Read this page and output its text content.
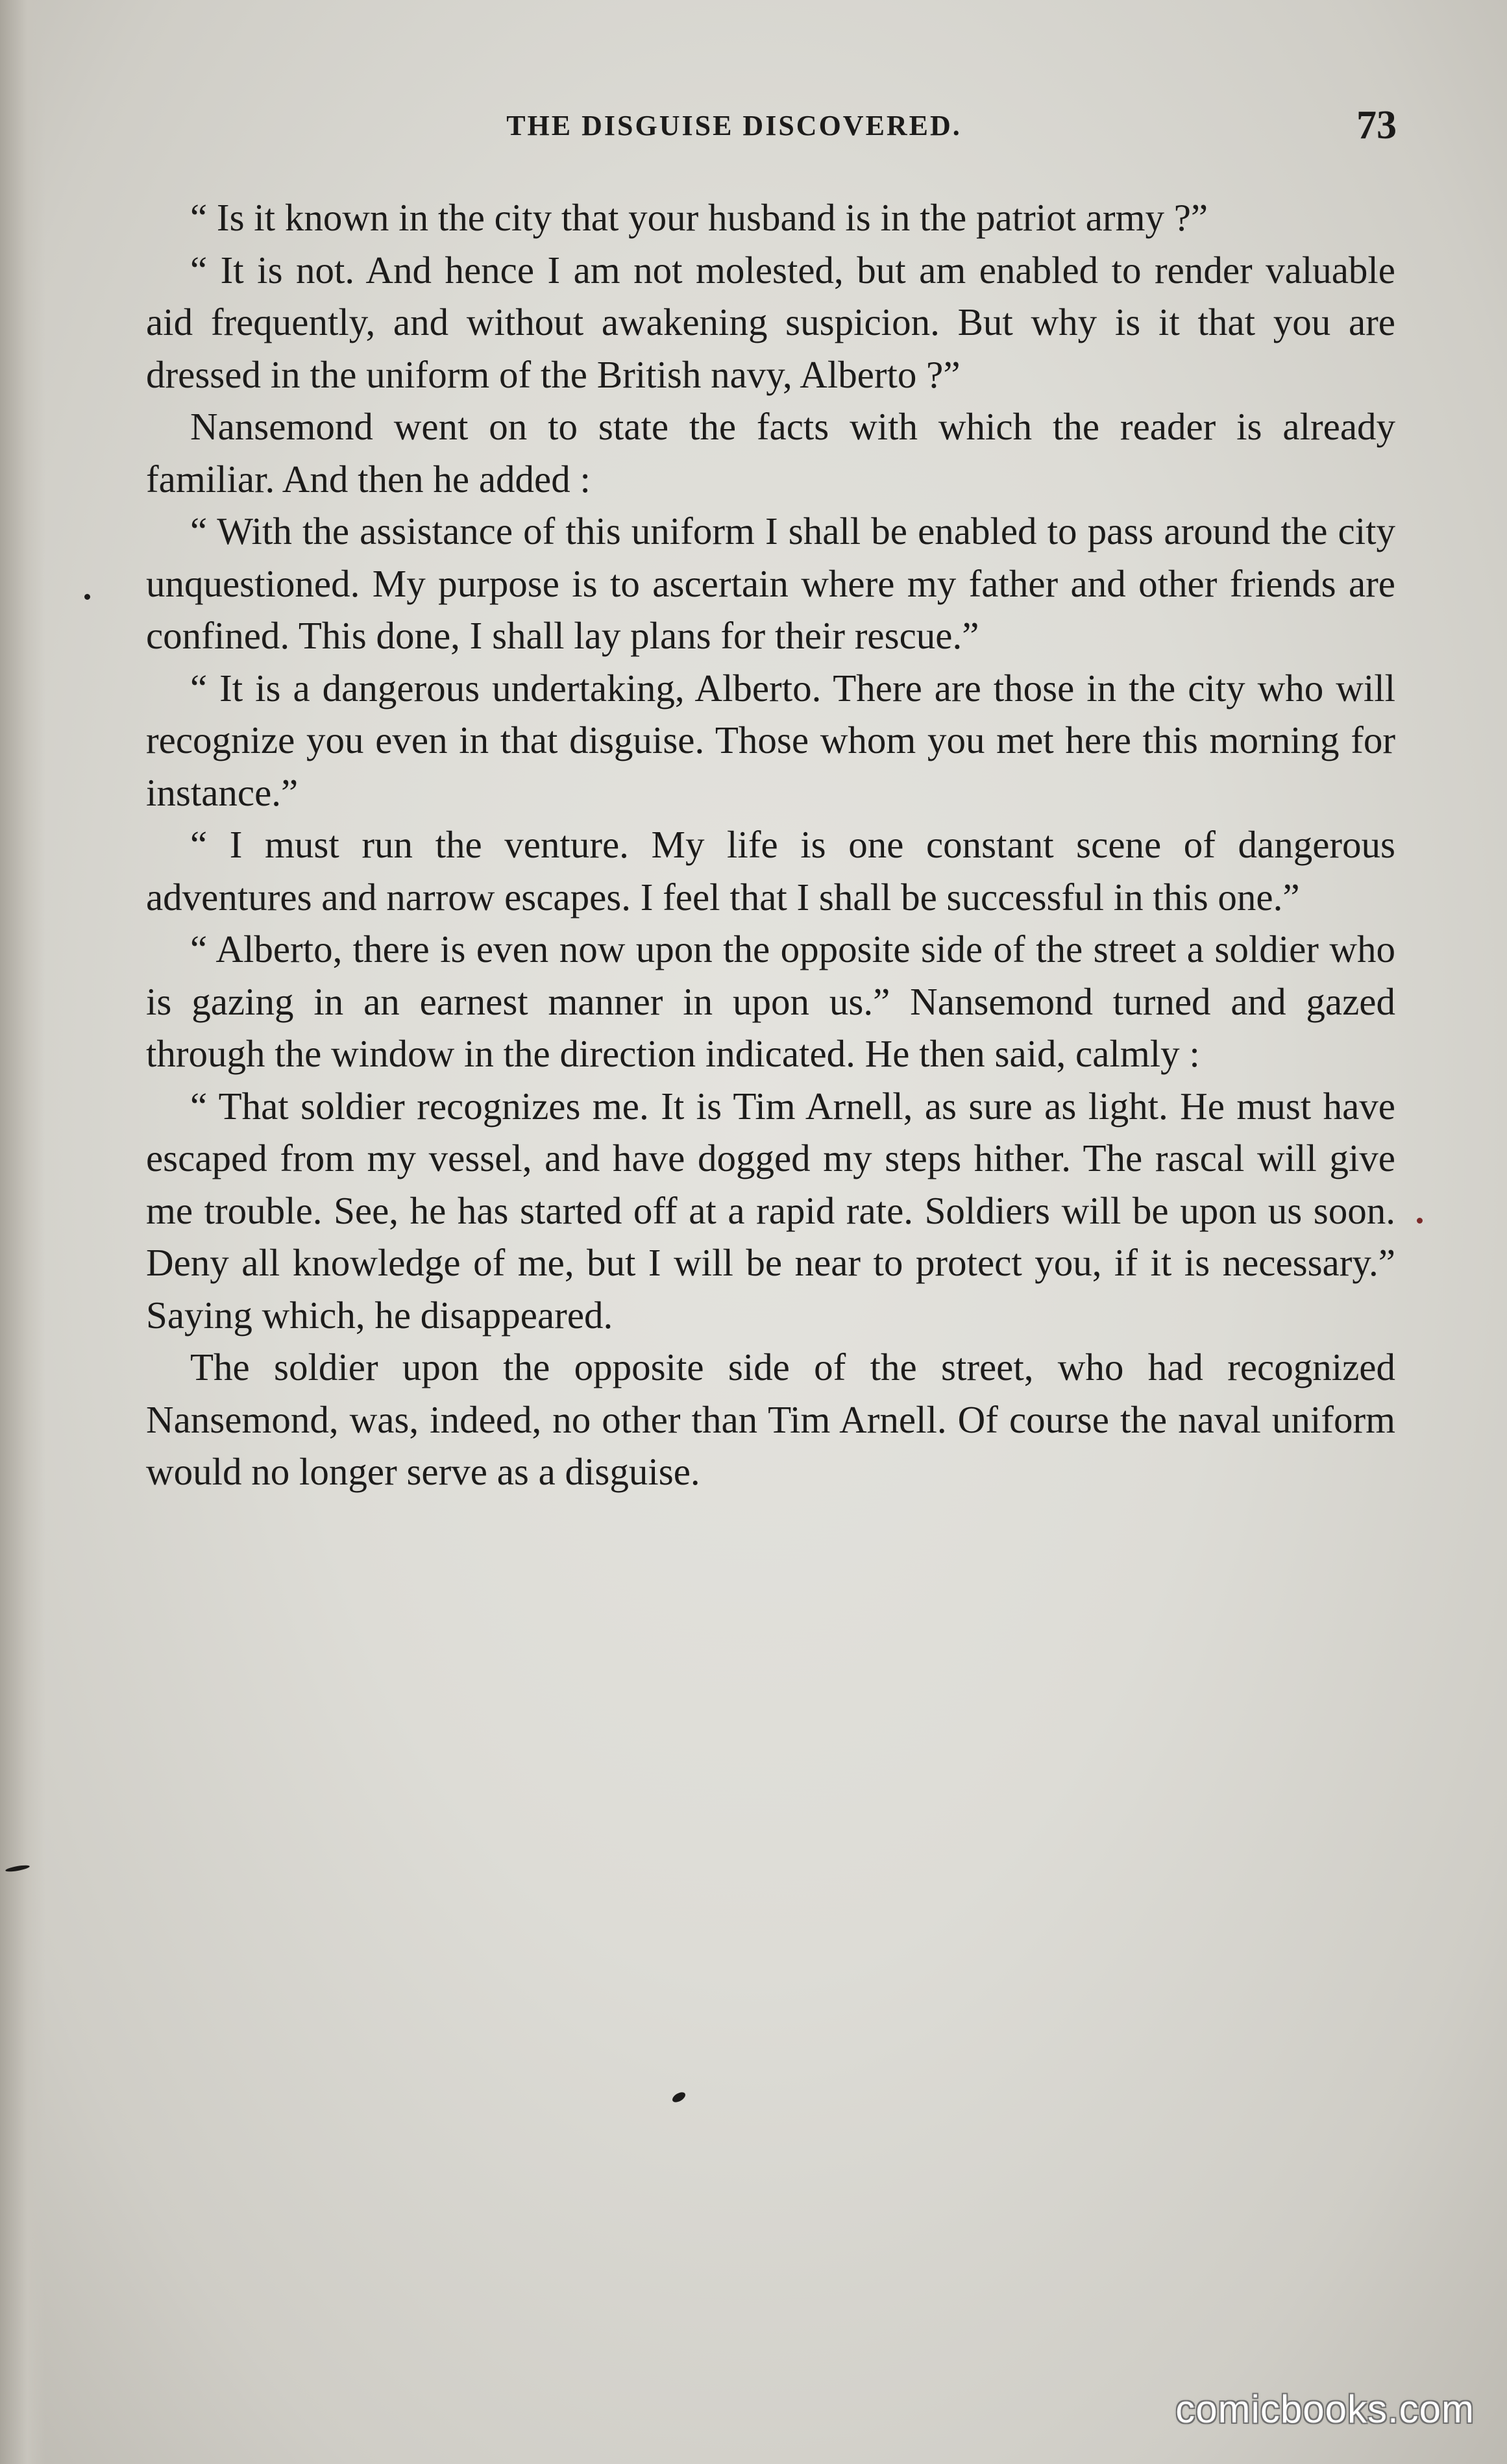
THE DISGUISE DISCOVERED.	73

“ Is it known in the city that your husband is in the patriot army ?”

“ It is not. And hence I am not molested, but am enabled to render valuable aid frequently, and without awakening suspicion. But why is it that you are dressed in the uniform of the British navy, Alberto ?”

Nansemond went on to state the facts with which the reader is already familiar. And then he added :

“ With the assistance of this uniform I shall be enabled to pass around the city unquestioned. My purpose is to ascertain where my father and other friends are confined. This done, I shall lay plans for their rescue.”

“ It is a dangerous undertaking, Alberto. There are those in the city who will recognize you even in that disguise. Those whom you met here this morning for instance.”

“ I must run the venture. My life is one constant scene of dangerous adventures and narrow escapes. I feel that I shall be successful in this one.”

“ Alberto, there is even now upon the opposite side of the street a soldier who is gazing in an earnest manner in upon us.” Nansemond turned and gazed through the window in the direction indicated. He then said, calmly :

“ That soldier recognizes me. It is Tim Arnell, as sure as light. He must have escaped from my vessel, and have dogged my steps hither. The rascal will give me trouble. See, he has started off at a rapid rate. Soldiers will be upon us soon. Deny all knowledge of me, but I will be near to protect you, if it is necessary.” Saying which, he disappeared.

The soldier upon the opposite side of the street, who had recognized Nansemond, was, indeed, no other than Tim Arnell. Of course the naval uniform would no longer serve as a disguise.

comicbooks.com
